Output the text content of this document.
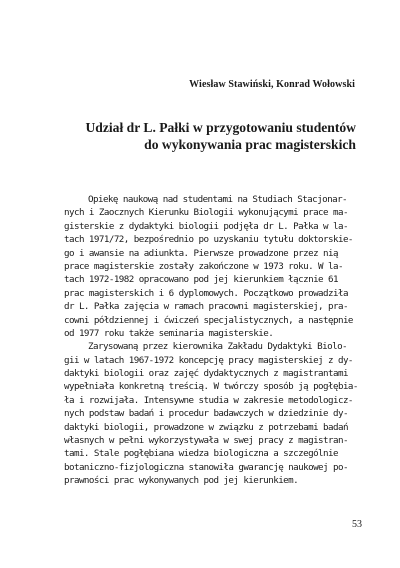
Wiesław Stawiński, Konrad Wołowski
Udział dr L. Pałki w przygotowaniu studentów
do wykonywania prac magisterskich
Opiekę naukową nad studentami na Studiach Stacjonar-
nych i Zaocznych Kierunku Biologii wykonującymi prace ma-
gisterskie z dydaktyki biologii podjęła dr L. Pałka w la-
tach 1971/72, bezpośrednio po uzyskaniu tytułu doktorskie-
go i awansie na adiunkta. Pierwsze prowadzone przez nią
prace magisterskie zostały zakończone w 1973 roku. W la-
tach 1972-1982 opracowano pod jej kierunkiem łącznie 61
prac magisterskich i 6 dyplomowych. Początkowo prowadziła
dr L. Pałka zajęcia w ramach pracowni magisterskiej, pra-
cowni półdziennej i ćwiczeń specjalistycznych, a następnie
od 1977 roku także seminaria magisterskie.
Zarysowaną przez kierownika Zakładu Dydaktyki Biolo-
gii w latach 1967-1972 koncepcję pracy magisterskiej z dy-
daktyki biologii oraz zajęć dydaktycznych z magistrantami
wypełniała konkretną treścią. W twórczy sposób ją pogłębia-
ła i rozwijała. Intensywne studia w zakresie metodologicz-
nych podstaw badań i procedur badawczych w dziedzinie dy-
daktyki biologii, prowadzone w związku z potrzebami badań
własnych w pełni wykorzystywała w swej pracy z magistran-
tami. Stale pogłębiana wiedza biologiczna a szczególnie
botaniczno-fizjologiczna stanowiła gwarancję naukowej po-
prawności prac wykonywanych pod jej kierunkiem.
53
